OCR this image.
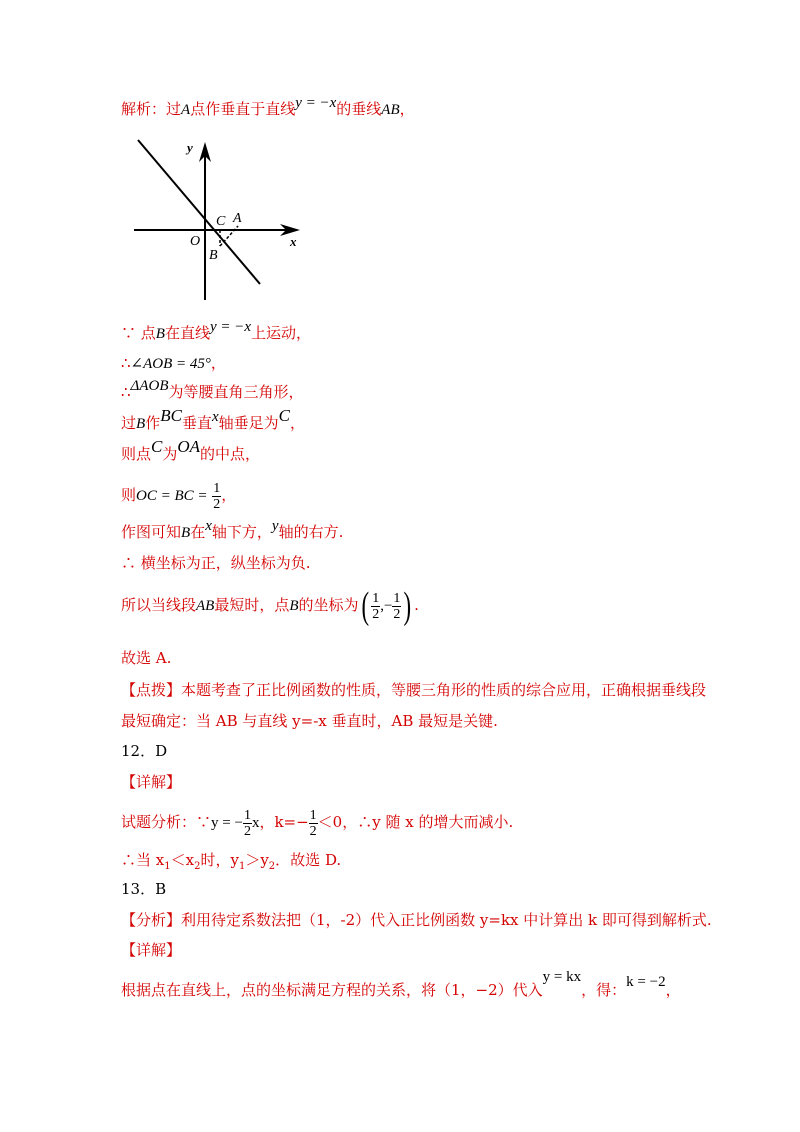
解析：过A点作垂直于直线y = −x的垂线AB，
y
x
O
C A
B
∵ 点B在直线y = −x上运动，
∴∠AOB = 45°，
∴ΔAOB为等腰直角三角形，
过B作BC垂直x轴垂足为C，
则点C为OA的中点，
则OC = BC = $\frac{1}{2}$ ，
作图可知B在x轴下方，y轴的右方.
∴ 横坐标为正，纵坐标为负.
所以当线段AB最短时，点B的坐标为( $\frac{1}{2}$ ,− $\frac{1}{2}$ ) .
故选 A.
【点拨】本题考查了正比例函数的性质，等腰三角形的性质的综合应用，正确根据垂线段
最短确定：当 AB 与直线 y=-x 垂直时，AB 最短是关键.
12．D
【详解】
试题分析：∵y = − $\frac{1}{2}$ x，$k=- \frac{1}{2} <0$，∴y 随 x 的增大而减小.
∴当 $x_1<x_2$时，$y_1>y_2$．故选 D.
13．B
【分析】利用待定系数法把（1，-2）代入正比例函数 y=kx 中计算出 k 即可得到解析式.
【详解】
根据点在直线上，点的坐标满足方程的关系，将（1，−2）代入y = kx，得：k = −2，
